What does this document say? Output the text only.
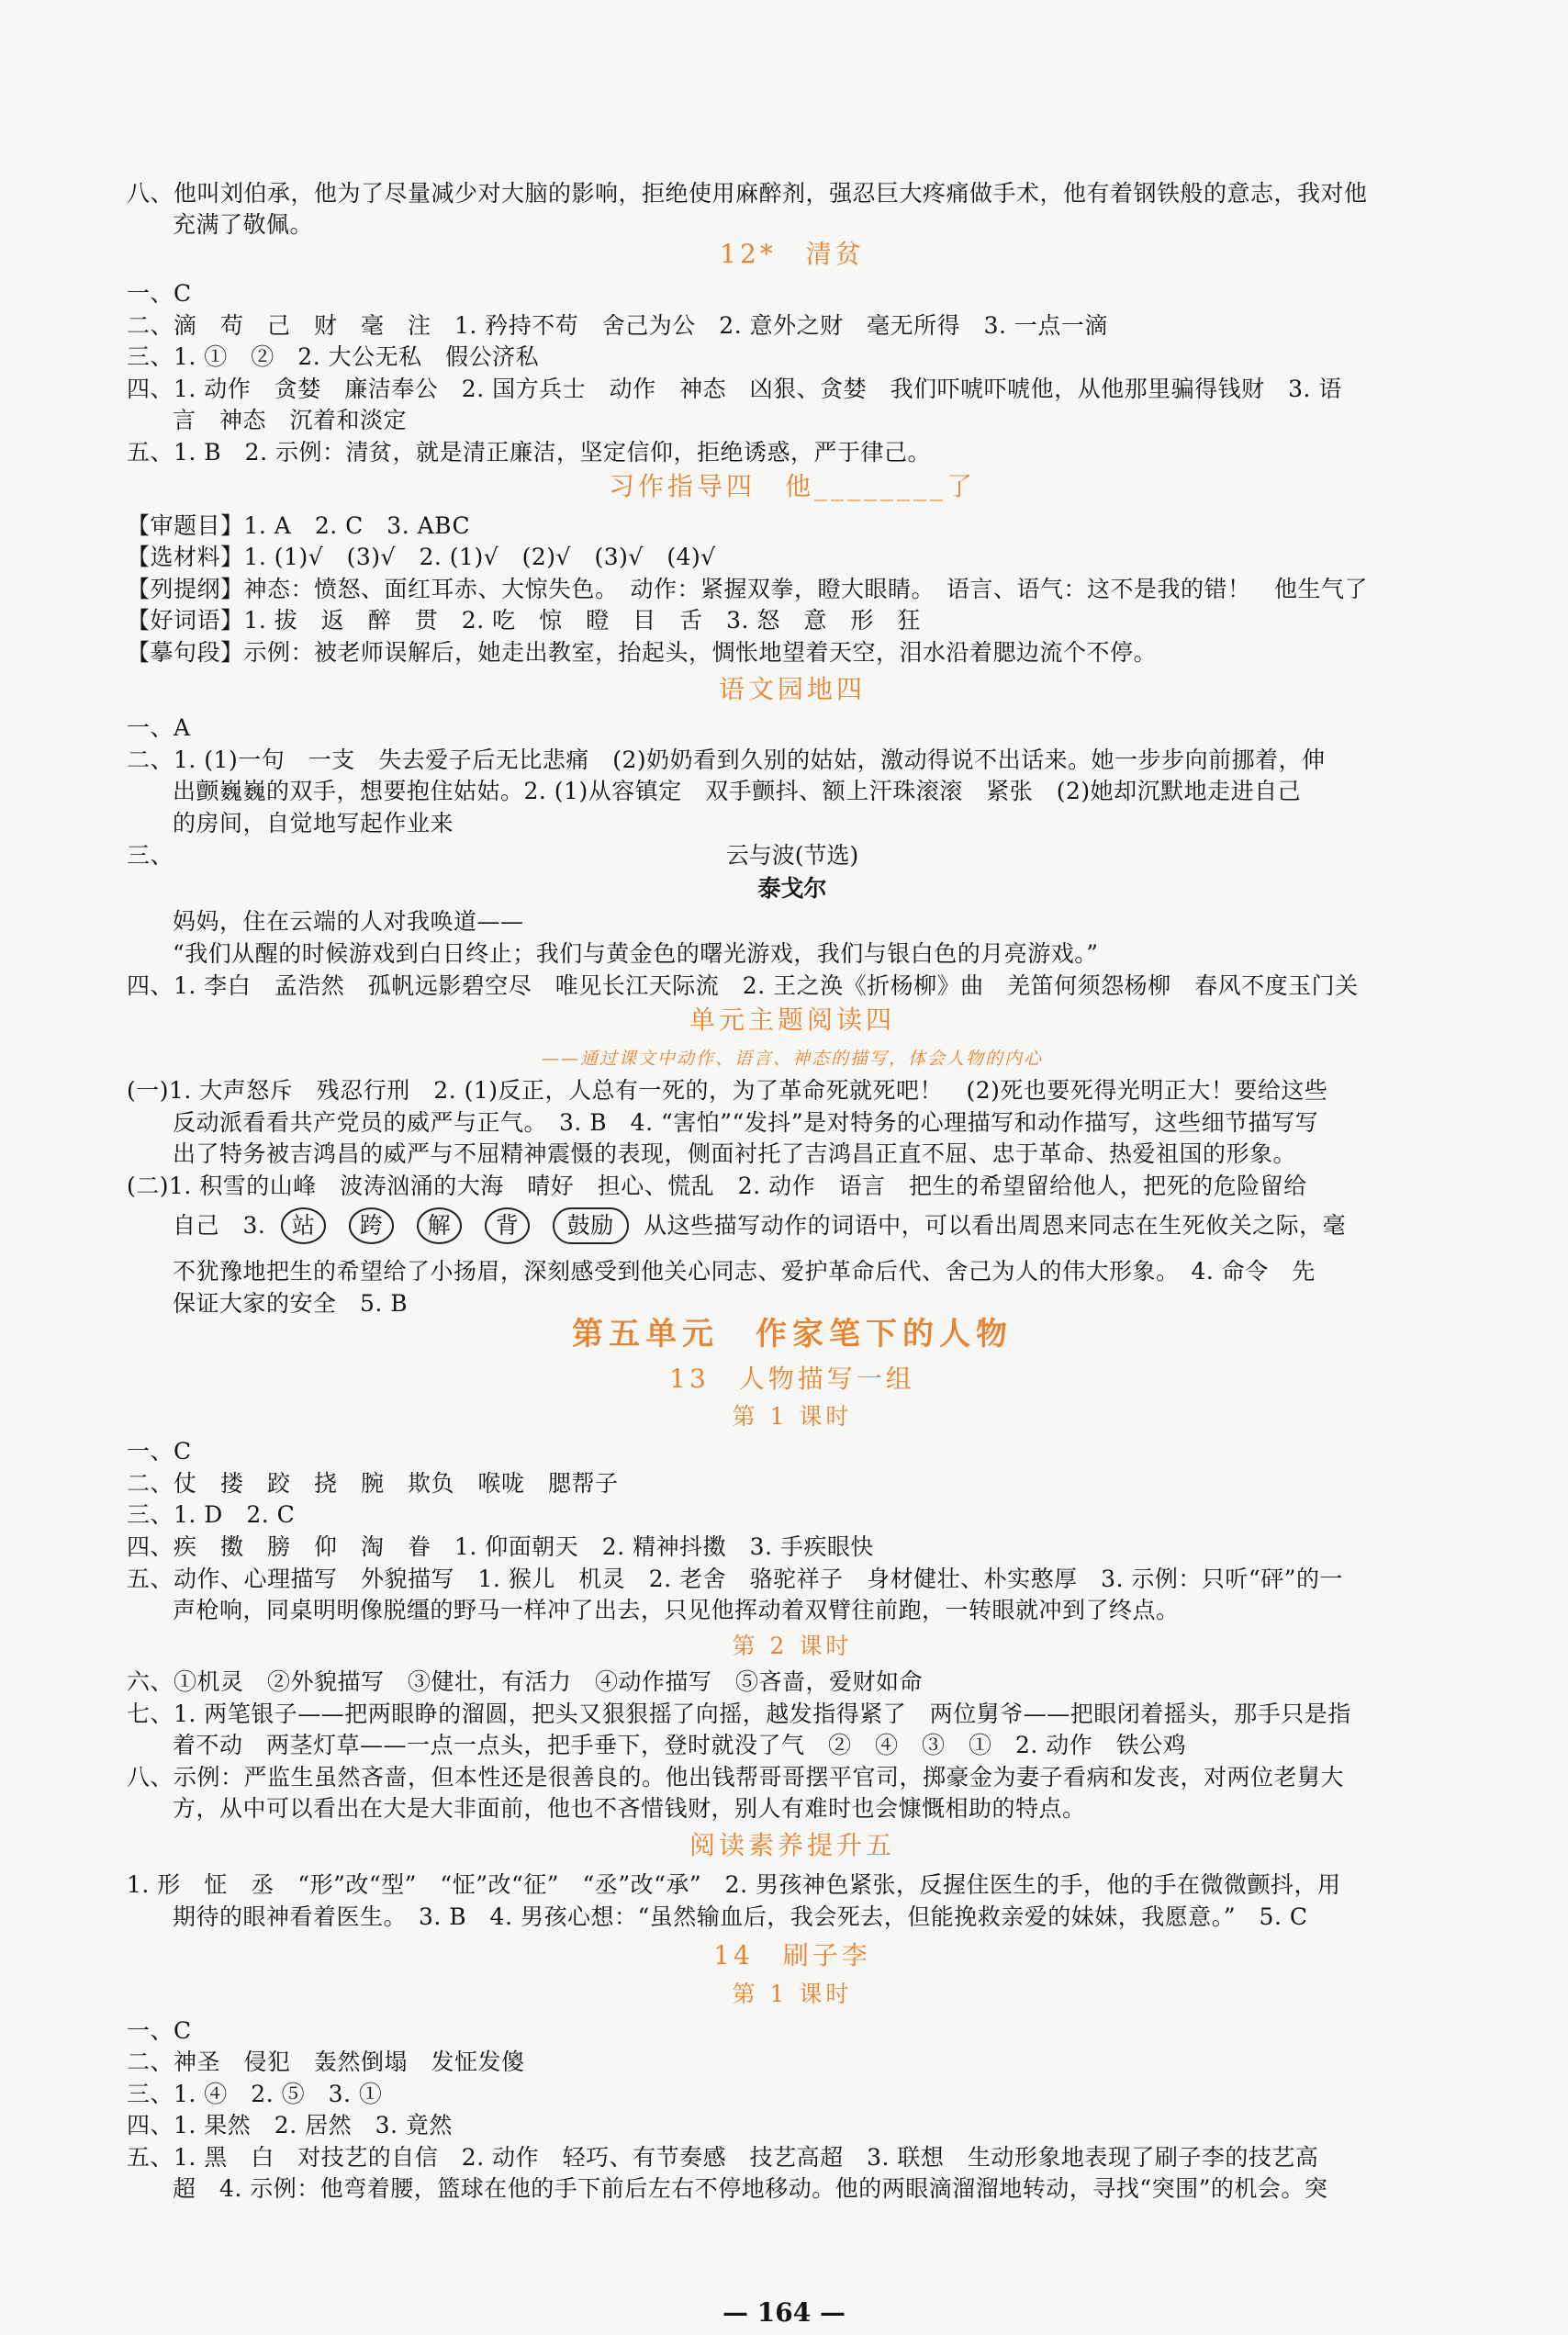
八、他叫刘伯承，他为了尽量减少对大脑的影响，拒绝使用麻醉剂，强忍巨大疼痛做手术，他有着钢铁般的意志，我对他
充满了敬佩。
12*　清贫
一、C
二、滴　苟　己　财　毫　注　1. 矜持不苟　舍己为公　2. 意外之财　毫无所得　3. 一点一滴
三、1. ①　②　2. 大公无私　假公济私
四、1. 动作　贪婪　廉洁奉公　2. 国方兵士　动作　神态　凶狠、贪婪　我们吓唬吓唬他，从他那里骗得钱财　3. 语
言　神态　沉着和淡定
五、1. B　2. 示例：清贫，就是清正廉洁，坚定信仰，拒绝诱惑，严于律己。
习作指导四　他________了
【审题目】1. A　2. C　3. ABC
【选材料】1. (1)√　(3)√　2. (1)√　(2)√　(3)√　(4)√
【列提纲】神态：愤怒、面红耳赤、大惊失色。　动作：紧握双拳，瞪大眼睛。　语言、语气：这不是我的错！　他生气了
【好词语】1. 拔　返　醉　贯　2. 吃　惊　瞪　目　舌　3. 怒　意　形　狂
【摹句段】示例：被老师误解后，她走出教室，抬起头，惆怅地望着天空，泪水沿着腮边流个不停。
语文园地四
一、A
二、1. (1)一句　一支　失去爱子后无比悲痛　(2)奶奶看到久别的姑姑，激动得说不出话来。她一步步向前挪着，伸
出颤巍巍的双手，想要抱住姑姑。2. (1)从容镇定　双手颤抖、额上汗珠滚滚　紧张　(2)她却沉默地走进自己
的房间，自觉地写起作业来
三、	云与波(节选)
泰戈尔
妈妈，住在云端的人对我唤道——
“我们从醒的时候游戏到白日终止；我们与黄金色的曙光游戏，我们与银白色的月亮游戏。”
四、1. 李白　孟浩然　孤帆远影碧空尽　唯见长江天际流　2. 王之涣《折杨柳》曲　羌笛何须怨杨柳　春风不度玉门关
单元主题阅读四
——通过课文中动作、语言、神态的描写，体会人物的内心
(一)1. 大声怒斥　残忍行刑　2. (1)反正，人总有一死的，为了革命死就死吧！　(2)死也要死得光明正大！要给这些
反动派看看共产党员的威严与正气。　3. B　4. “害怕”“发抖”是对特务的心理描写和动作描写，这些细节描写写
出了特务被吉鸿昌的威严与不屈精神震慑的表现，侧面衬托了吉鸿昌正直不屈、忠于革命、热爱祖国的形象。
(二)1. 积雪的山峰　波涛汹涌的大海　晴好　担心、慌乱　2. 动作　语言　把生的希望留给他人，把死的危险留给
自己　3. 站 跨 解 背 鼓励 从这些描写动作的词语中，可以看出周恩来同志在生死攸关之际，毫
不犹豫地把生的希望给了小扬眉，深刻感受到他关心同志、爱护革命后代、舍己为人的伟大形象。　4. 命令　先
保证大家的安全　5. B
第五单元　作家笔下的人物
13　人物描写一组
第 1 课时
一、C
二、仗　搂　跤　挠　腕　欺负　喉咙　腮帮子
三、1. D　2. C
四、疾　擞　膀　仰　淘　眷　1. 仰面朝天　2. 精神抖擞　3. 手疾眼快
五、动作、心理描写　外貌描写　1. 猴儿　机灵　2. 老舍　骆驼祥子　身材健壮、朴实憨厚　3. 示例：只听“砰”的一
声枪响，同桌明明像脱缰的野马一样冲了出去，只见他挥动着双臂往前跑，一转眼就冲到了终点。
第 2 课时
六、①机灵　②外貌描写　③健壮，有活力　④动作描写　⑤吝啬，爱财如命
七、1. 两笔银子——把两眼睁的溜圆，把头又狠狠摇了向摇，越发指得紧了　两位舅爷——把眼闭着摇头，那手只是指
着不动　两茎灯草——一点一点头，把手垂下，登时就没了气　②　④　③　①　2. 动作　铁公鸡
八、示例：严监生虽然吝啬，但本性还是很善良的。他出钱帮哥哥摆平官司，掷豪金为妻子看病和发丧，对两位老舅大
方，从中可以看出在大是大非面前，他也不吝惜钱财，别人有难时也会慷慨相助的特点。
阅读素养提升五
1. 形　怔　丞　“形”改“型”　“怔”改“征”　“丞”改“承”　2. 男孩神色紧张，反握住医生的手，他的手在微微颤抖，用
期待的眼神看着医生。　3. B　4. 男孩心想：“虽然输血后，我会死去，但能挽救亲爱的妹妹，我愿意。”　5. C
14　刷子李
第 1 课时
一、C
二、神圣　侵犯　轰然倒塌　发怔发傻
三、1. ④　2. ⑤　3. ①
四、1. 果然　2. 居然　3. 竟然
五、1. 黑　白　对技艺的自信　2. 动作　轻巧、有节奏感　技艺高超　3. 联想　生动形象地表现了刷子李的技艺高
超　4. 示例：他弯着腰，篮球在他的手下前后左右不停地移动。他的两眼滴溜溜地转动，寻找“突围”的机会。突
— 164 —
